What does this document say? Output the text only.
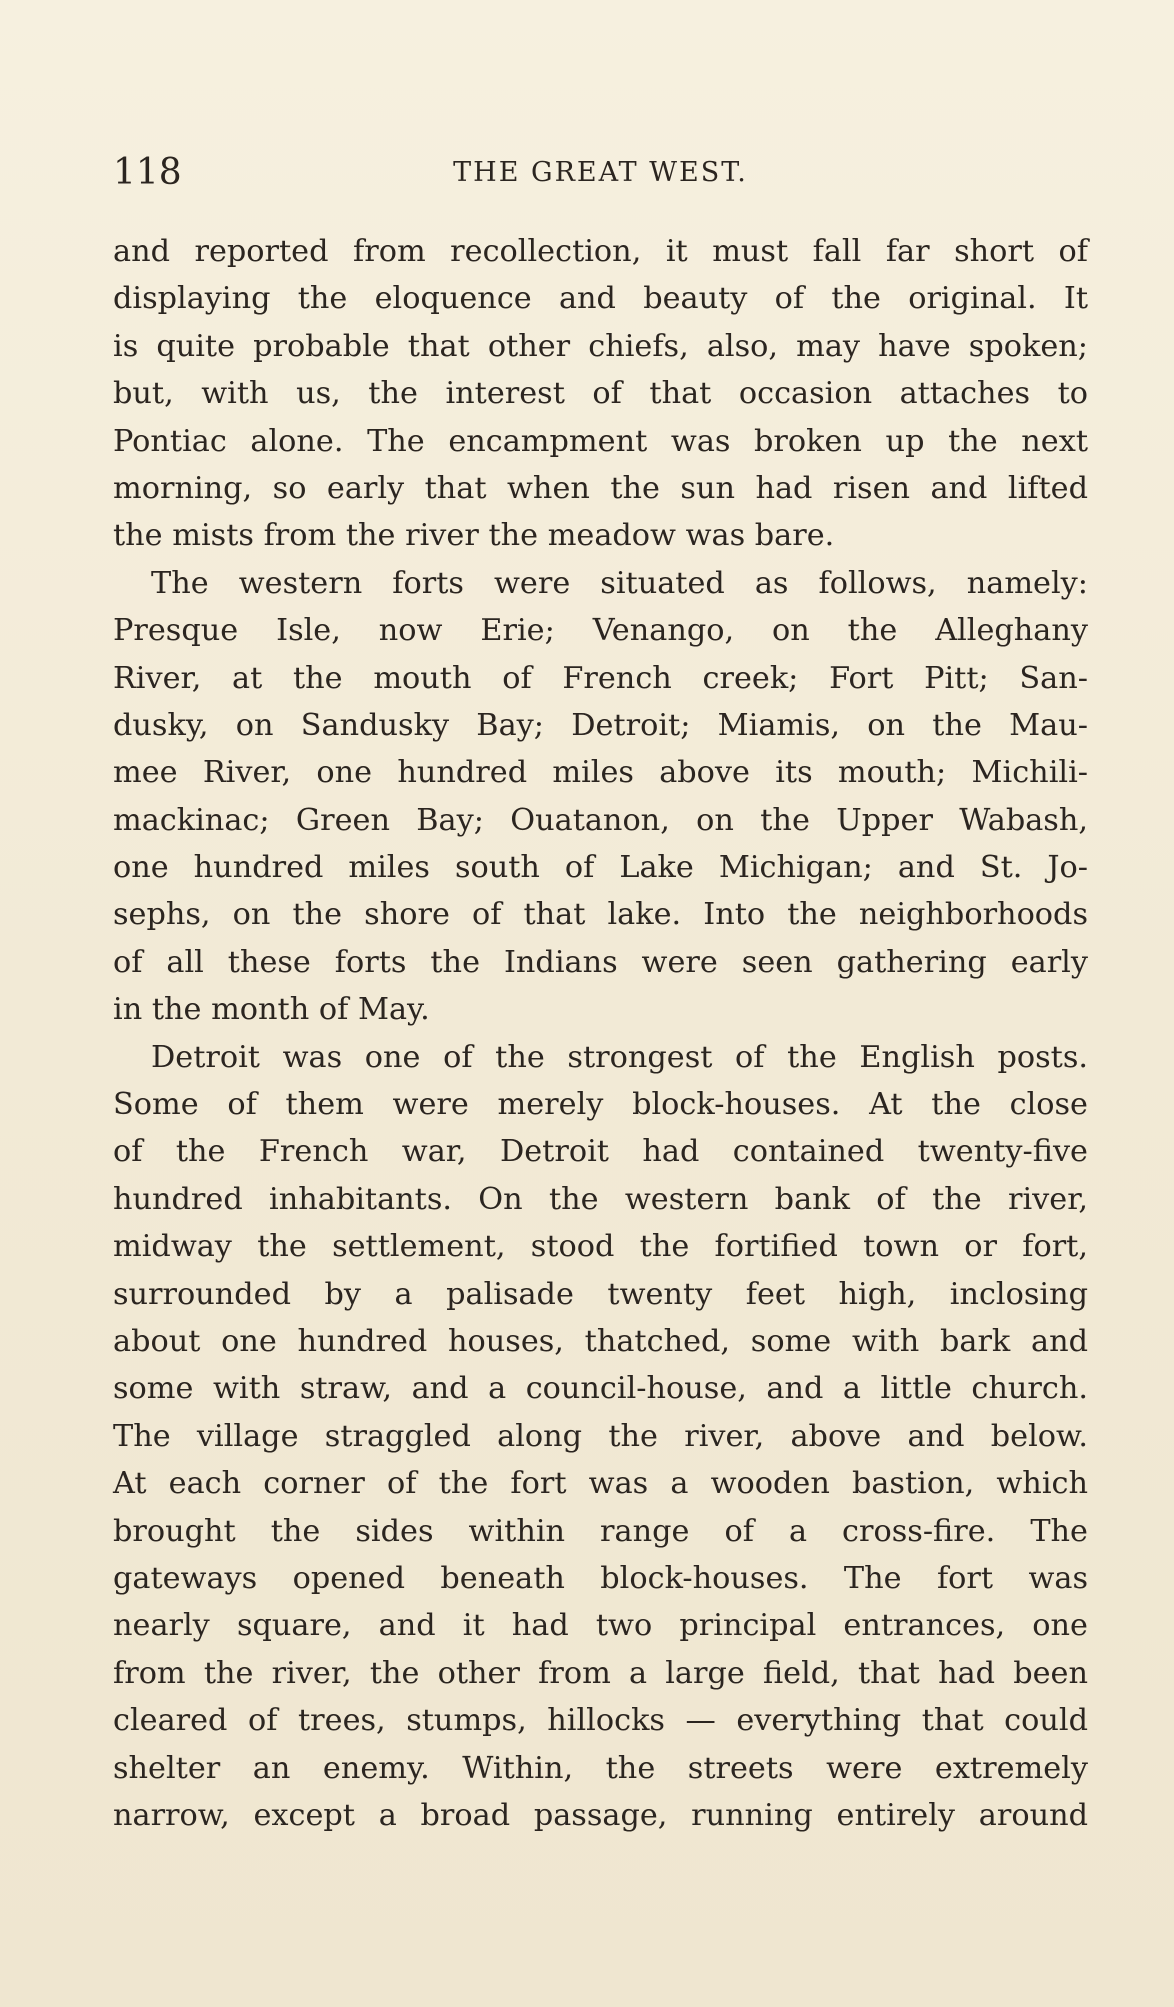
118	THE GREAT WEST.
and reported from recollection, it must fall far short of
displaying the eloquence and beauty of the original. It
is quite probable that other chiefs, also, may have spoken;
but, with us, the interest of that occasion attaches to
Pontiac alone. The encampment was broken up the next
morning, so early that when the sun had risen and lifted
the mists from the river the meadow was bare.
The western forts were situated as follows, namely:
Presque Isle, now Erie; Venango, on the Alleghany
River, at the mouth of French creek; Fort Pitt; San-
dusky, on Sandusky Bay; Detroit; Miamis, on the Mau-
mee River, one hundred miles above its mouth; Michili-
mackinac; Green Bay; Ouatanon, on the Upper Wabash,
one hundred miles south of Lake Michigan; and St. Jo-
sephs, on the shore of that lake. Into the neighborhoods
of all these forts the Indians were seen gathering early
in the month of May.
Detroit was one of the strongest of the English posts.
Some of them were merely block-houses. At the close
of the French war, Detroit had contained twenty-five
hundred inhabitants. On the western bank of the river,
midway the settlement, stood the fortified town or fort,
surrounded by a palisade twenty feet high, inclosing
about one hundred houses, thatched, some with bark and
some with straw, and a council-house, and a little church.
The village straggled along the river, above and below.
At each corner of the fort was a wooden bastion, which
brought the sides within range of a cross-fire. The
gateways opened beneath block-houses. The fort was
nearly square, and it had two principal entrances, one
from the river, the other from a large field, that had been
cleared of trees, stumps, hillocks — everything that could
shelter an enemy. Within, the streets were extremely
narrow, except a broad passage, running entirely around
